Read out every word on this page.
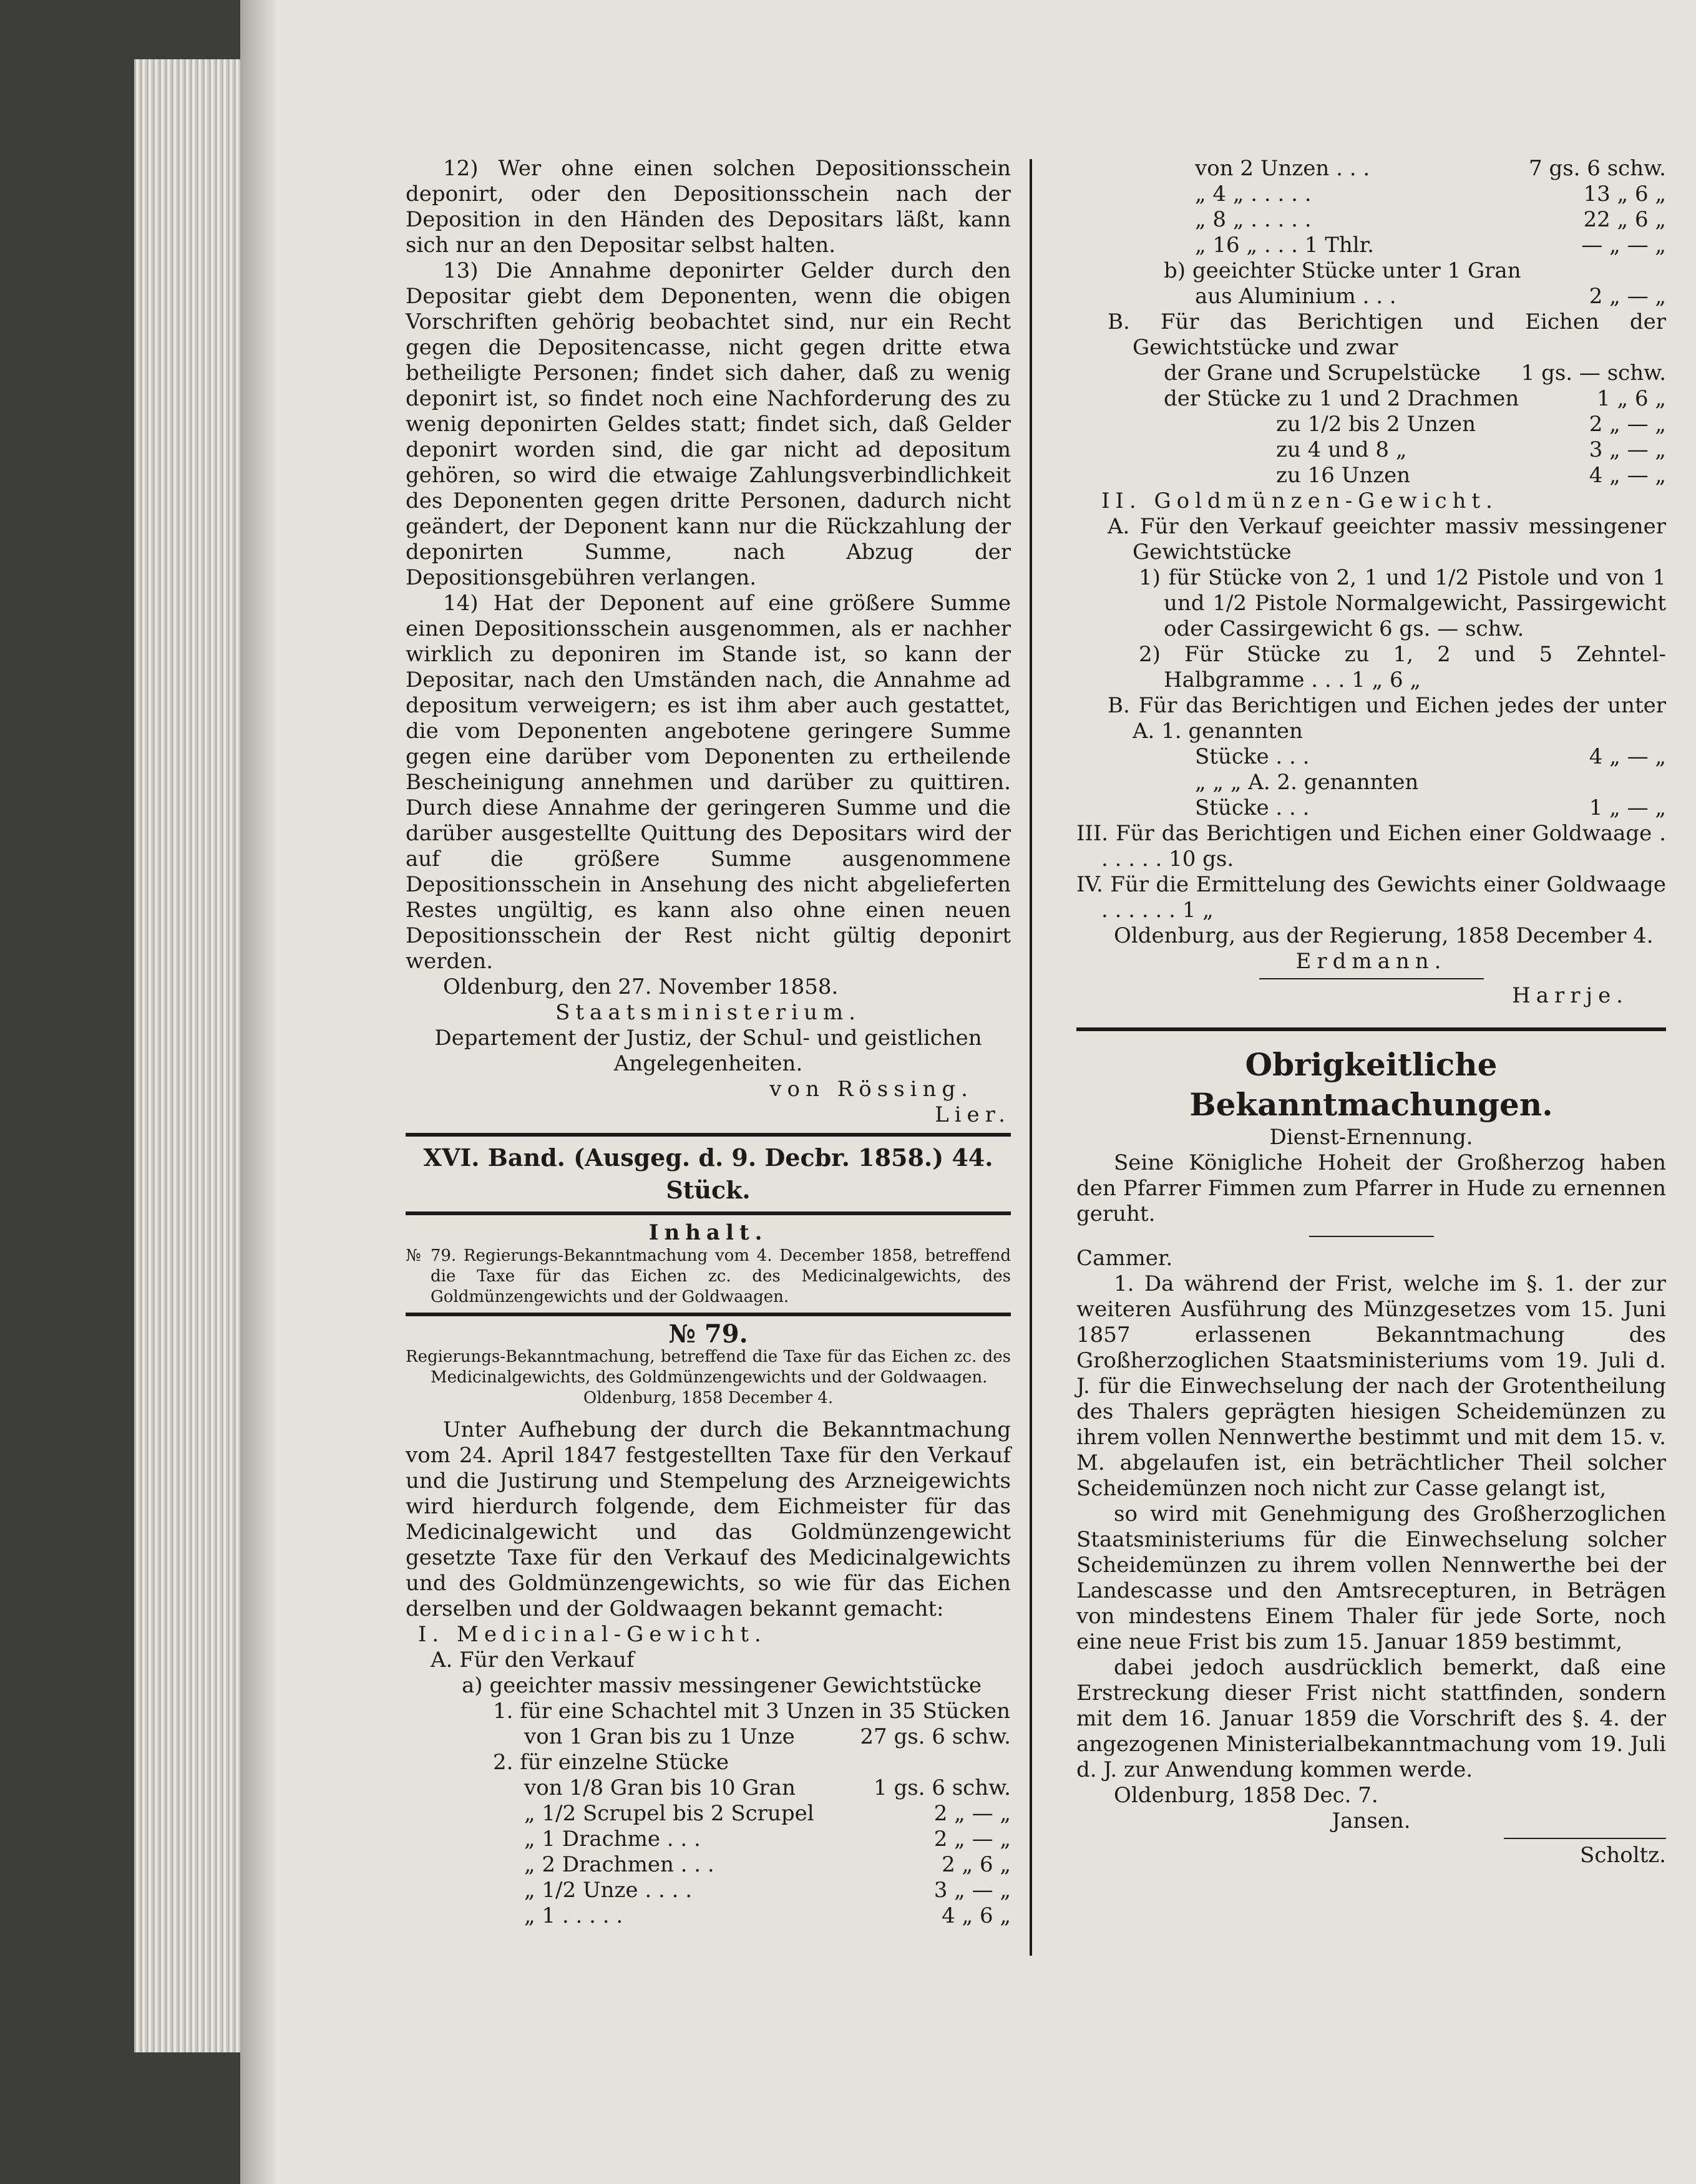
12) Wer ohne einen solchen Depositionsschein deponirt, oder den Depositionsschein nach der Deposition in den Händen des Depositars läßt, kann sich nur an den Depositar selbst halten.

13) Die Annahme deponirter Gelder durch den Depositar giebt dem Deponenten, wenn die obigen Vorschriften gehörig beobachtet sind, nur ein Recht gegen die Depositencasse, nicht gegen dritte etwa betheiligte Personen; findet sich daher, daß zu wenig deponirt ist, so findet noch eine Nachforderung des zu wenig deponirten Geldes statt; findet sich, daß Gelder deponirt worden sind, die gar nicht ad depositum gehören, so wird die etwaige Zahlungsverbindlichkeit des Deponenten gegen dritte Personen, dadurch nicht geändert, der Deponent kann nur die Rückzahlung der deponirten Summe, nach Abzug der Depositionsgebühren verlangen.

14) Hat der Deponent auf eine größere Summe einen Depositionsschein ausgenommen, als er nachher wirklich zu deponiren im Stande ist, so kann der Depositar, nach den Umständen nach, die Annahme ad depositum verweigern; es ist ihm aber auch gestattet, die vom Deponenten angebotene geringere Summe gegen eine darüber vom Deponenten zu ertheilende Bescheinigung annehmen und darüber zu quittiren. Durch diese Annahme der geringeren Summe und die darüber ausgestellte Quittung des Depositars wird der auf die größere Summe ausgenommene Depositionsschein in Ansehung des nicht abgelieferten Restes ungültig, es kann also ohne einen neuen Depositionsschein der Rest nicht gültig deponirt werden.

Oldenburg, den 27. November 1858.

Staatsministerium.

Departement der Justiz, der Schul- und geistlichen Angelegenheiten.

von Rössing.

Lier.

XVI. Band. (Ausgeg. d. 9. Decbr. 1858.) 44. Stück.

Inhalt.

№ 79. Regierungs-Bekanntmachung vom 4. December 1858, betreffend die Taxe für das Eichen zc. des Medicinalgewichts, des Goldmünzengewichts und der Goldwaagen.

№ 79.

Regierungs-Bekanntmachung, betreffend die Taxe für das Eichen zc. des Medicinalgewichts, des Goldmünzengewichts und der Goldwaagen.

Oldenburg, 1858 December 4.

Unter Aufhebung der durch die Bekanntmachung vom 24. April 1847 festgestellten Taxe für den Verkauf und die Justirung und Stempelung des Arzneigewichts wird hierdurch folgende, dem Eichmeister für das Medicinalgewicht und das Goldmünzengewicht gesetzte Taxe für den Verkauf des Medicinalgewichts und des Goldmünzengewichts, so wie für das Eichen derselben und der Goldwaagen bekannt gemacht:

I. Medicinal-Gewicht.

A. Für den Verkauf

a) geeichter massiv messingener Gewichtstücke

1. für eine Schachtel mit 3 Unzen in 35 Stücken

von 1 Gran bis zu 1 Unze	27 gs. 6 schw.

2. für einzelne Stücke

von 1/8 Gran bis 10 Gran	1 gs. 6 schw.
„ 1/2 Scrupel bis 2 Scrupel	2 „ — „
„ 1 Drachme . . .	2 „ — „
„ 2 Drachmen . . .	2 „ 6 „
„ 1/2 Unze . . . .	3 „ — „
„ 1 . . . . .	4 „ 6 „
von 2 Unzen . . .	7 gs. 6 schw.
„ 4 „ . . . . .	13 „ 6 „
„ 8 „ . . . . .	22 „ 6 „
„ 16 „ . . . 1 Thlr.	— „ — „

b) geeichter Stücke unter 1 Gran

aus Aluminium . . .	2 „ — „

B. Für das Berichtigen und Eichen der Gewichtstücke und zwar

der Grane und Scrupelstücke 1 gs. — schw.
der Stücke zu 1 und 2 Drachmen	1 „ 6 „
zu 1/2 bis 2 Unzen	2 „ — „
zu 4 und 8 „	3 „ — „
zu 16 Unzen	4 „ — „

II. Goldmünzen-Gewicht.

A. Für den Verkauf geeichter massiv messingener Gewichtstücke

1) für Stücke von 2, 1 und 1/2 Pistole und von 1 und 1/2 Pistole Normalgewicht, Passirgewicht oder Cassirgewicht 6 gs. — schw.

2) Für Stücke zu 1, 2 und 5 Zehntel-Halbgramme . . . 1 „ 6 „

B. Für das Berichtigen und Eichen jedes der unter A. 1. genannten

Stücke . . .	4 „ — „

„ „ „ A. 2. genannten

Stücke . . .	1 „ — „

III. Für das Berichtigen und Eichen einer Goldwaage . . . . . . 10 gs.

IV. Für die Ermittelung des Gewichts einer Goldwaage . . . . . . 1 „

Oldenburg, aus der Regierung, 1858 December 4.

Erdmann.

Harrje.

Obrigkeitliche Bekanntmachungen.

Dienst-Ernennung.

Seine Königliche Hoheit der Großherzog haben den Pfarrer Fimmen zum Pfarrer in Hude zu ernennen geruht.

Cammer.

1. Da während der Frist, welche im §. 1. der zur weiteren Ausführung des Münzgesetzes vom 15. Juni 1857 erlassenen Bekanntmachung des Großherzoglichen Staatsministeriums vom 19. Juli d. J. für die Einwechselung der nach der Grotentheilung des Thalers geprägten hiesigen Scheidemünzen zu ihrem vollen Nennwerthe bestimmt und mit dem 15. v. M. abgelaufen ist, ein beträchtlicher Theil solcher Scheidemünzen noch nicht zur Casse gelangt ist,

so wird mit Genehmigung des Großherzoglichen Staatsministeriums für die Einwechselung solcher Scheidemünzen zu ihrem vollen Nennwerthe bei der Landescasse und den Amtsrecepturen, in Beträgen von mindestens Einem Thaler für jede Sorte, noch eine neue Frist bis zum 15. Januar 1859 bestimmt,

dabei jedoch ausdrücklich bemerkt, daß eine Erstreckung dieser Frist nicht stattfinden, sondern mit dem 16. Januar 1859 die Vorschrift des §. 4. der angezogenen Ministerialbekanntmachung vom 19. Juli d. J. zur Anwendung kommen werde.

Oldenburg, 1858 Dec. 7.

Jansen.

Scholtz.
